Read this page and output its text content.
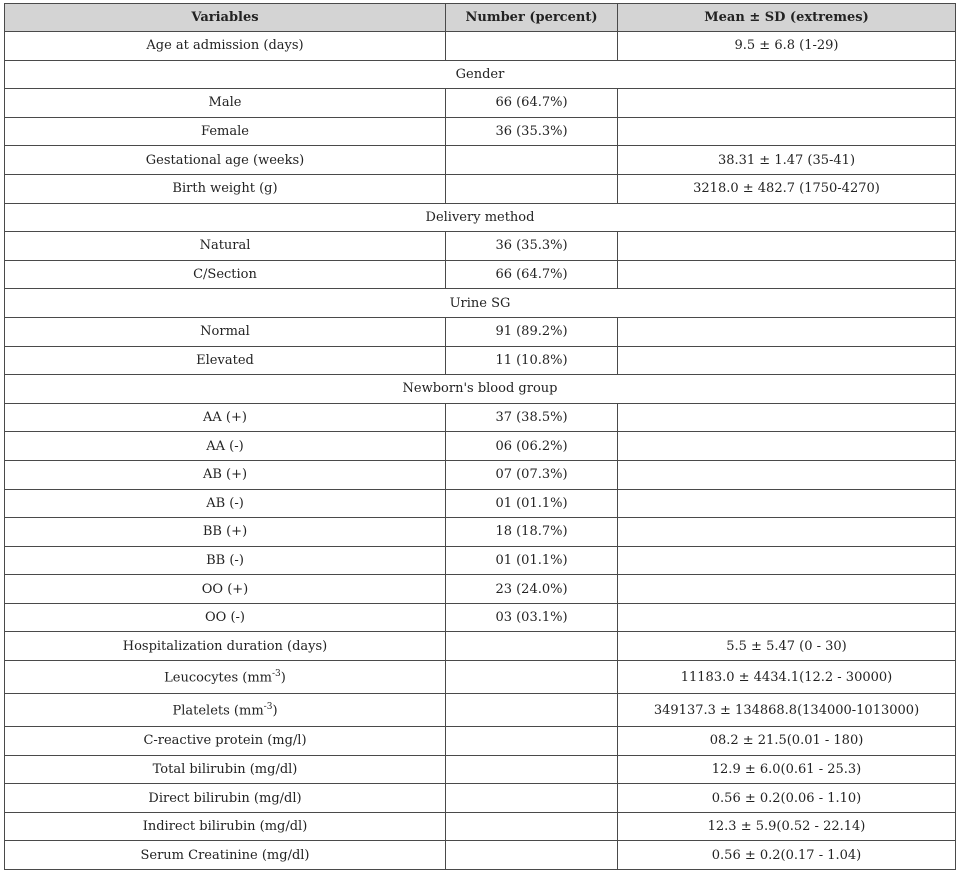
Variables	Number (percent)	Mean ± SD (extremes)
Age at admission (days)		9.5 ± 6.8 (1-29)
Gender		
Male	66 (64.7%)	
Female	36 (35.3%)	
Gestational age (weeks)		38.31 ± 1.47 (35-41)
Birth weight (g)		3218.0 ± 482.7 (1750-4270)
Delivery method		
Natural	36 (35.3%)	
C/Section	66 (64.7%)	
Urine SG		
Normal	91 (89.2%)	
Elevated	11 (10.8%)	
Newborn's blood group		
AA (+)	37 (38.5%)	
AA (-)	06 (06.2%)	
AB (+)	07 (07.3%)	
AB (-)	01 (01.1%)	
BB (+)	18 (18.7%)	
BB (-)	01 (01.1%)	
OO (+)	23 (24.0%)	
OO (-)	03 (03.1%)	
Hospitalization duration (days)		5.5 ± 5.47 (0 - 30)
Leucocytes $(mm^{-3})$		11183.0 ± 4434.1(12.2 - 30000)
Platelets $(mm^{-3})$		349137.3 ± 134868.8(134000-1013000)
C-reactive protein (mg/l)		08.2 ± 21.5(0.01 - 180)
Total bilirubin (mg/dl)		12.9 ± 6.0(0.61 - 25.3)
Direct bilirubin (mg/dl)		0.56 ± 0.2(0.06 - 1.10)
Indirect bilirubin (mg/dl)		12.3 ± 5.9(0.52 - 22.14)
Serum Creatinine (mg/dl)		0.56 ± 0.2(0.17 - 1.04)
